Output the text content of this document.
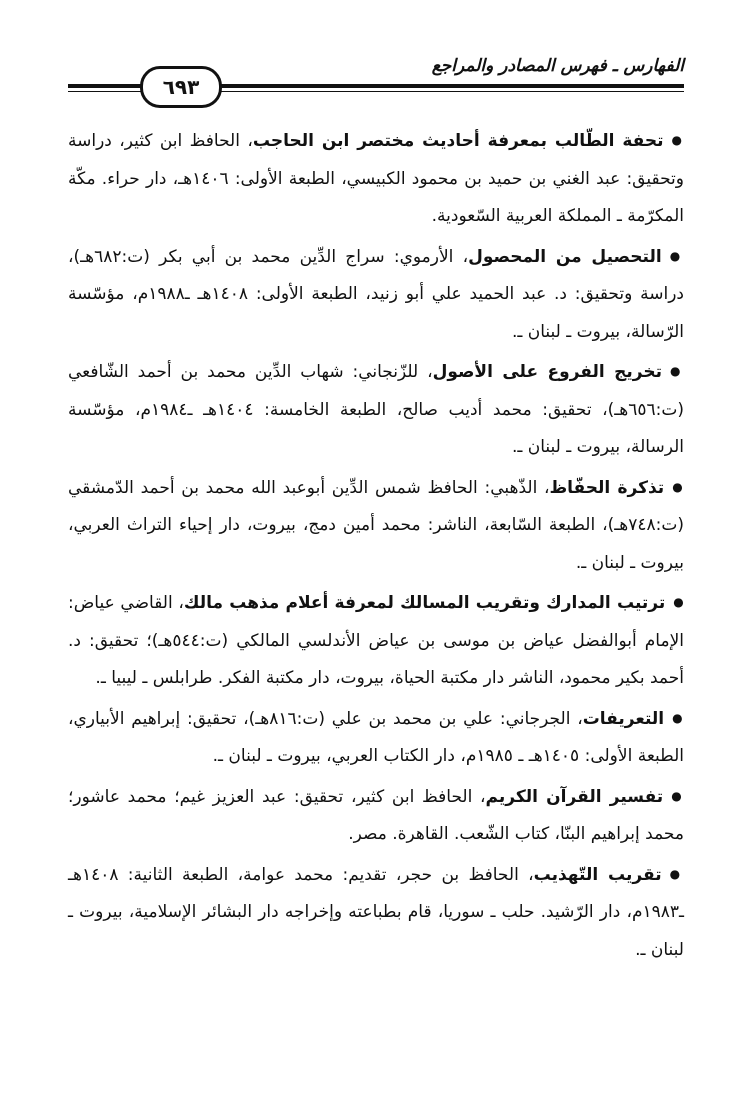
الفهارس ـ فهرس المصادر والمراجع
٦٩٣

●تحفة الطّالب بمعرفة أحاديث مختصر ابن الحاجب، الحافظ ابن كثير، دراسة وتحقيق: عبد الغني بن حميد بن محمود الكبيسي، الطبعة الأولى: ١٤٠٦هـ، دار حراء. مكّة المكرّمة ـ المملكة العربية السّعودية.

●التحصيل من المحصول، الأرموي: سراج الدِّين محمد بن أبي بكر (ت:٦٨٢هـ)، دراسة وتحقيق: د. عبد الحميد علي أبو زنيد، الطبعة الأولى: ١٤٠٨هـ ـ١٩٨٨م، مؤسّسة الرّسالة، بيروت ـ لبنان ـ.

●تخريج الفروع على الأصول، للزّنجاني: شهاب الدِّين محمد بن أحمد الشّافعي (ت:٦٥٦هـ)، تحقيق: محمد أديب صالح، الطبعة الخامسة: ١٤٠٤هـ ـ١٩٨٤م، مؤسّسة الرسالة، بيروت ـ لبنان ـ.

●تذكرة الحفّاظ، الذّهبي: الحافظ شمس الدِّين أبوعبد الله محمد بن أحمد الدّمشقي (ت:٧٤٨هـ)، الطبعة السّابعة، الناشر: محمد أمين دمج، بيروت، دار إحياء التراث العربي، بيروت ـ لبنان ـ.

●ترتيب المدارك وتقريب المسالك لمعرفة أعلام مذهب مالك، القاضي عياض: الإمام أبوالفضل عياض بن موسى بن عياض الأندلسي المالكي (ت:٥٤٤هـ)؛ تحقيق: د. أحمد بكير محمود، الناشر دار مكتبة الحياة، بيروت، دار مكتبة الفكر. طرابلس ـ ليبيا ـ.

●التعريفات، الجرجاني: علي بن محمد بن علي (ت:٨١٦هـ)، تحقيق: إبراهيم الأبياري، الطبعة الأولى: ١٤٠٥هـ ـ ١٩٨٥م، دار الكتاب العربي، بيروت ـ لبنان ـ.

●تفسير القرآن الكريم، الحافظ ابن كثير، تحقيق: عبد العزيز غيم؛ محمد عاشور؛ محمد إبراهيم البنّا، كتاب الشّعب. القاهرة. مصر.

●تقريب التّهذيب، الحافظ بن حجر، تقديم: محمد عوامة، الطبعة الثانية: ١٤٠٨هـ ـ١٩٨٣م، دار الرّشيد. حلب ـ سوريا، قام بطباعته وإخراجه دار البشائر الإسلامية، بيروت ـ لبنان ـ.
